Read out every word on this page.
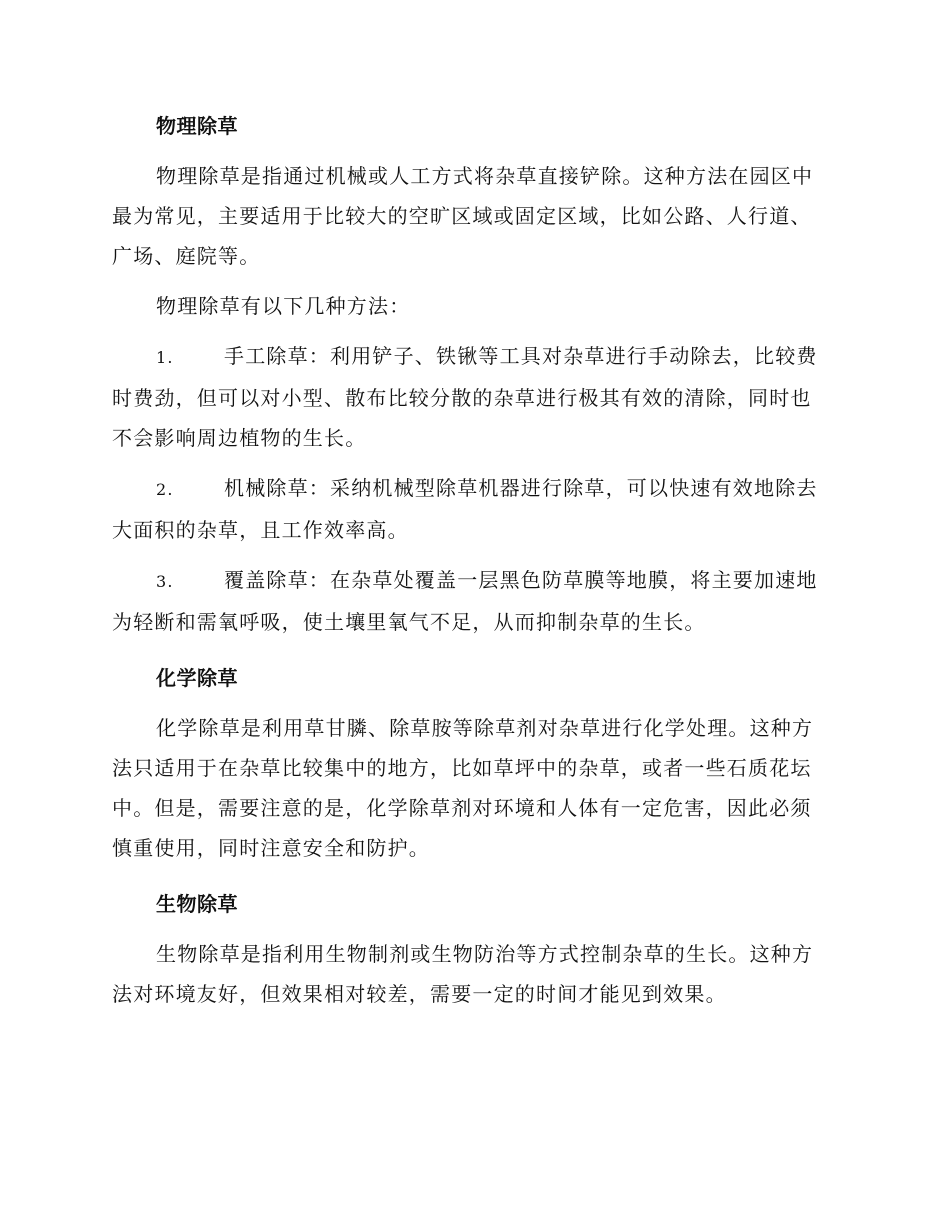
物理除草

物理除草是指通过机械或人工方式将杂草直接铲除。这种方法在园区中最为常见，主要适用于比较大的空旷区域或固定区域，比如公路、人行道、广场、庭院等。

物理除草有以下几种方法：

1.	手工除草：利用铲子、铁锹等工具对杂草进行手动除去，比较费时费劲，但可以对小型、散布比较分散的杂草进行极其有效的清除，同时也不会影响周边植物的生长。

2.	机械除草：采纳机械型除草机器进行除草，可以快速有效地除去大面积的杂草，且工作效率高。

3.	覆盖除草：在杂草处覆盖一层黑色防草膜等地膜，将主要加速地为轻断和需氧呼吸，使土壤里氧气不足，从而抑制杂草的生长。

化学除草

化学除草是利用草甘膦、除草胺等除草剂对杂草进行化学处理。这种方法只适用于在杂草比较集中的地方，比如草坪中的杂草，或者一些石质花坛中。但是，需要注意的是，化学除草剂对环境和人体有一定危害，因此必须慎重使用，同时注意安全和防护。

生物除草

生物除草是指利用生物制剂或生物防治等方式控制杂草的生长。这种方法对环境友好，但效果相对较差，需要一定的时间才能见到效果。
